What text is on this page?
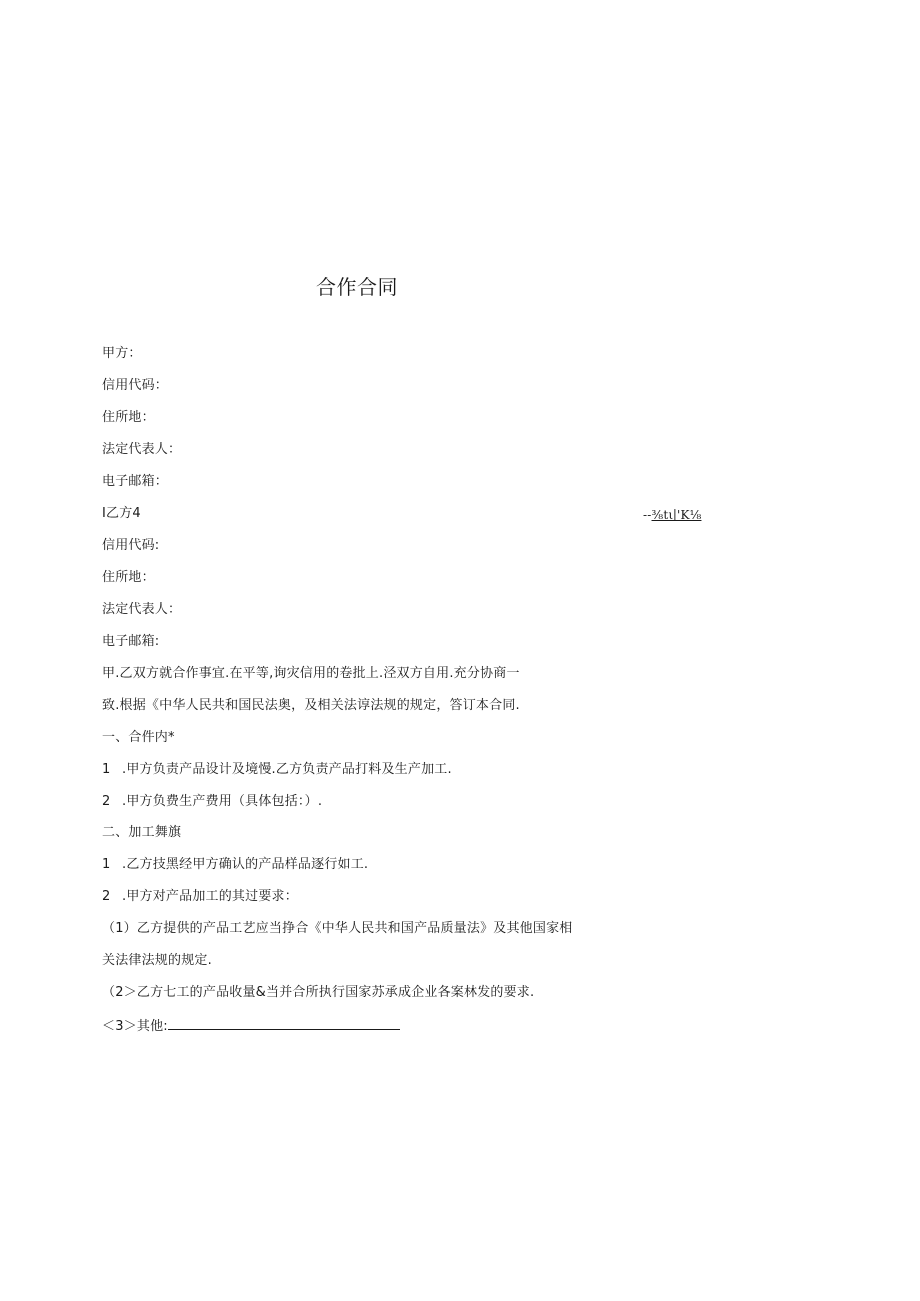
合作合同
甲方：
信用代码：
住所地：
法定代表人：
电子邮箱：
I乙方4	--⅜tι∣'K⅛
信用代码:
住所地：
法定代表人：
电子邮箱:
甲.乙双方就合作事宜.在平等,询灾信用的卷批上.泾双方自用.充分协商一
致.根据《中华人民共和国民法奥，及相关法谆法规的规定，答订本合同.
一、合件内*
1 .甲方负责产品设计及境慢.乙方负责产品打料及生产加工.
2 .甲方负费生产费用（具体包括：）.
二、加工舞旗
1 .乙方技黑经甲方确认的产品样品逐行如工.
2 .甲方对产品加工的其过要求：
（1）乙方提供的产品工艺应当挣合《中华人民共和国产品质量法》及其他国家相
关法律法规的规定.
（2＞乙方七工的产品收量&当并合所执行国家苏承成企业各案林发的要求.
＜3＞其他:
